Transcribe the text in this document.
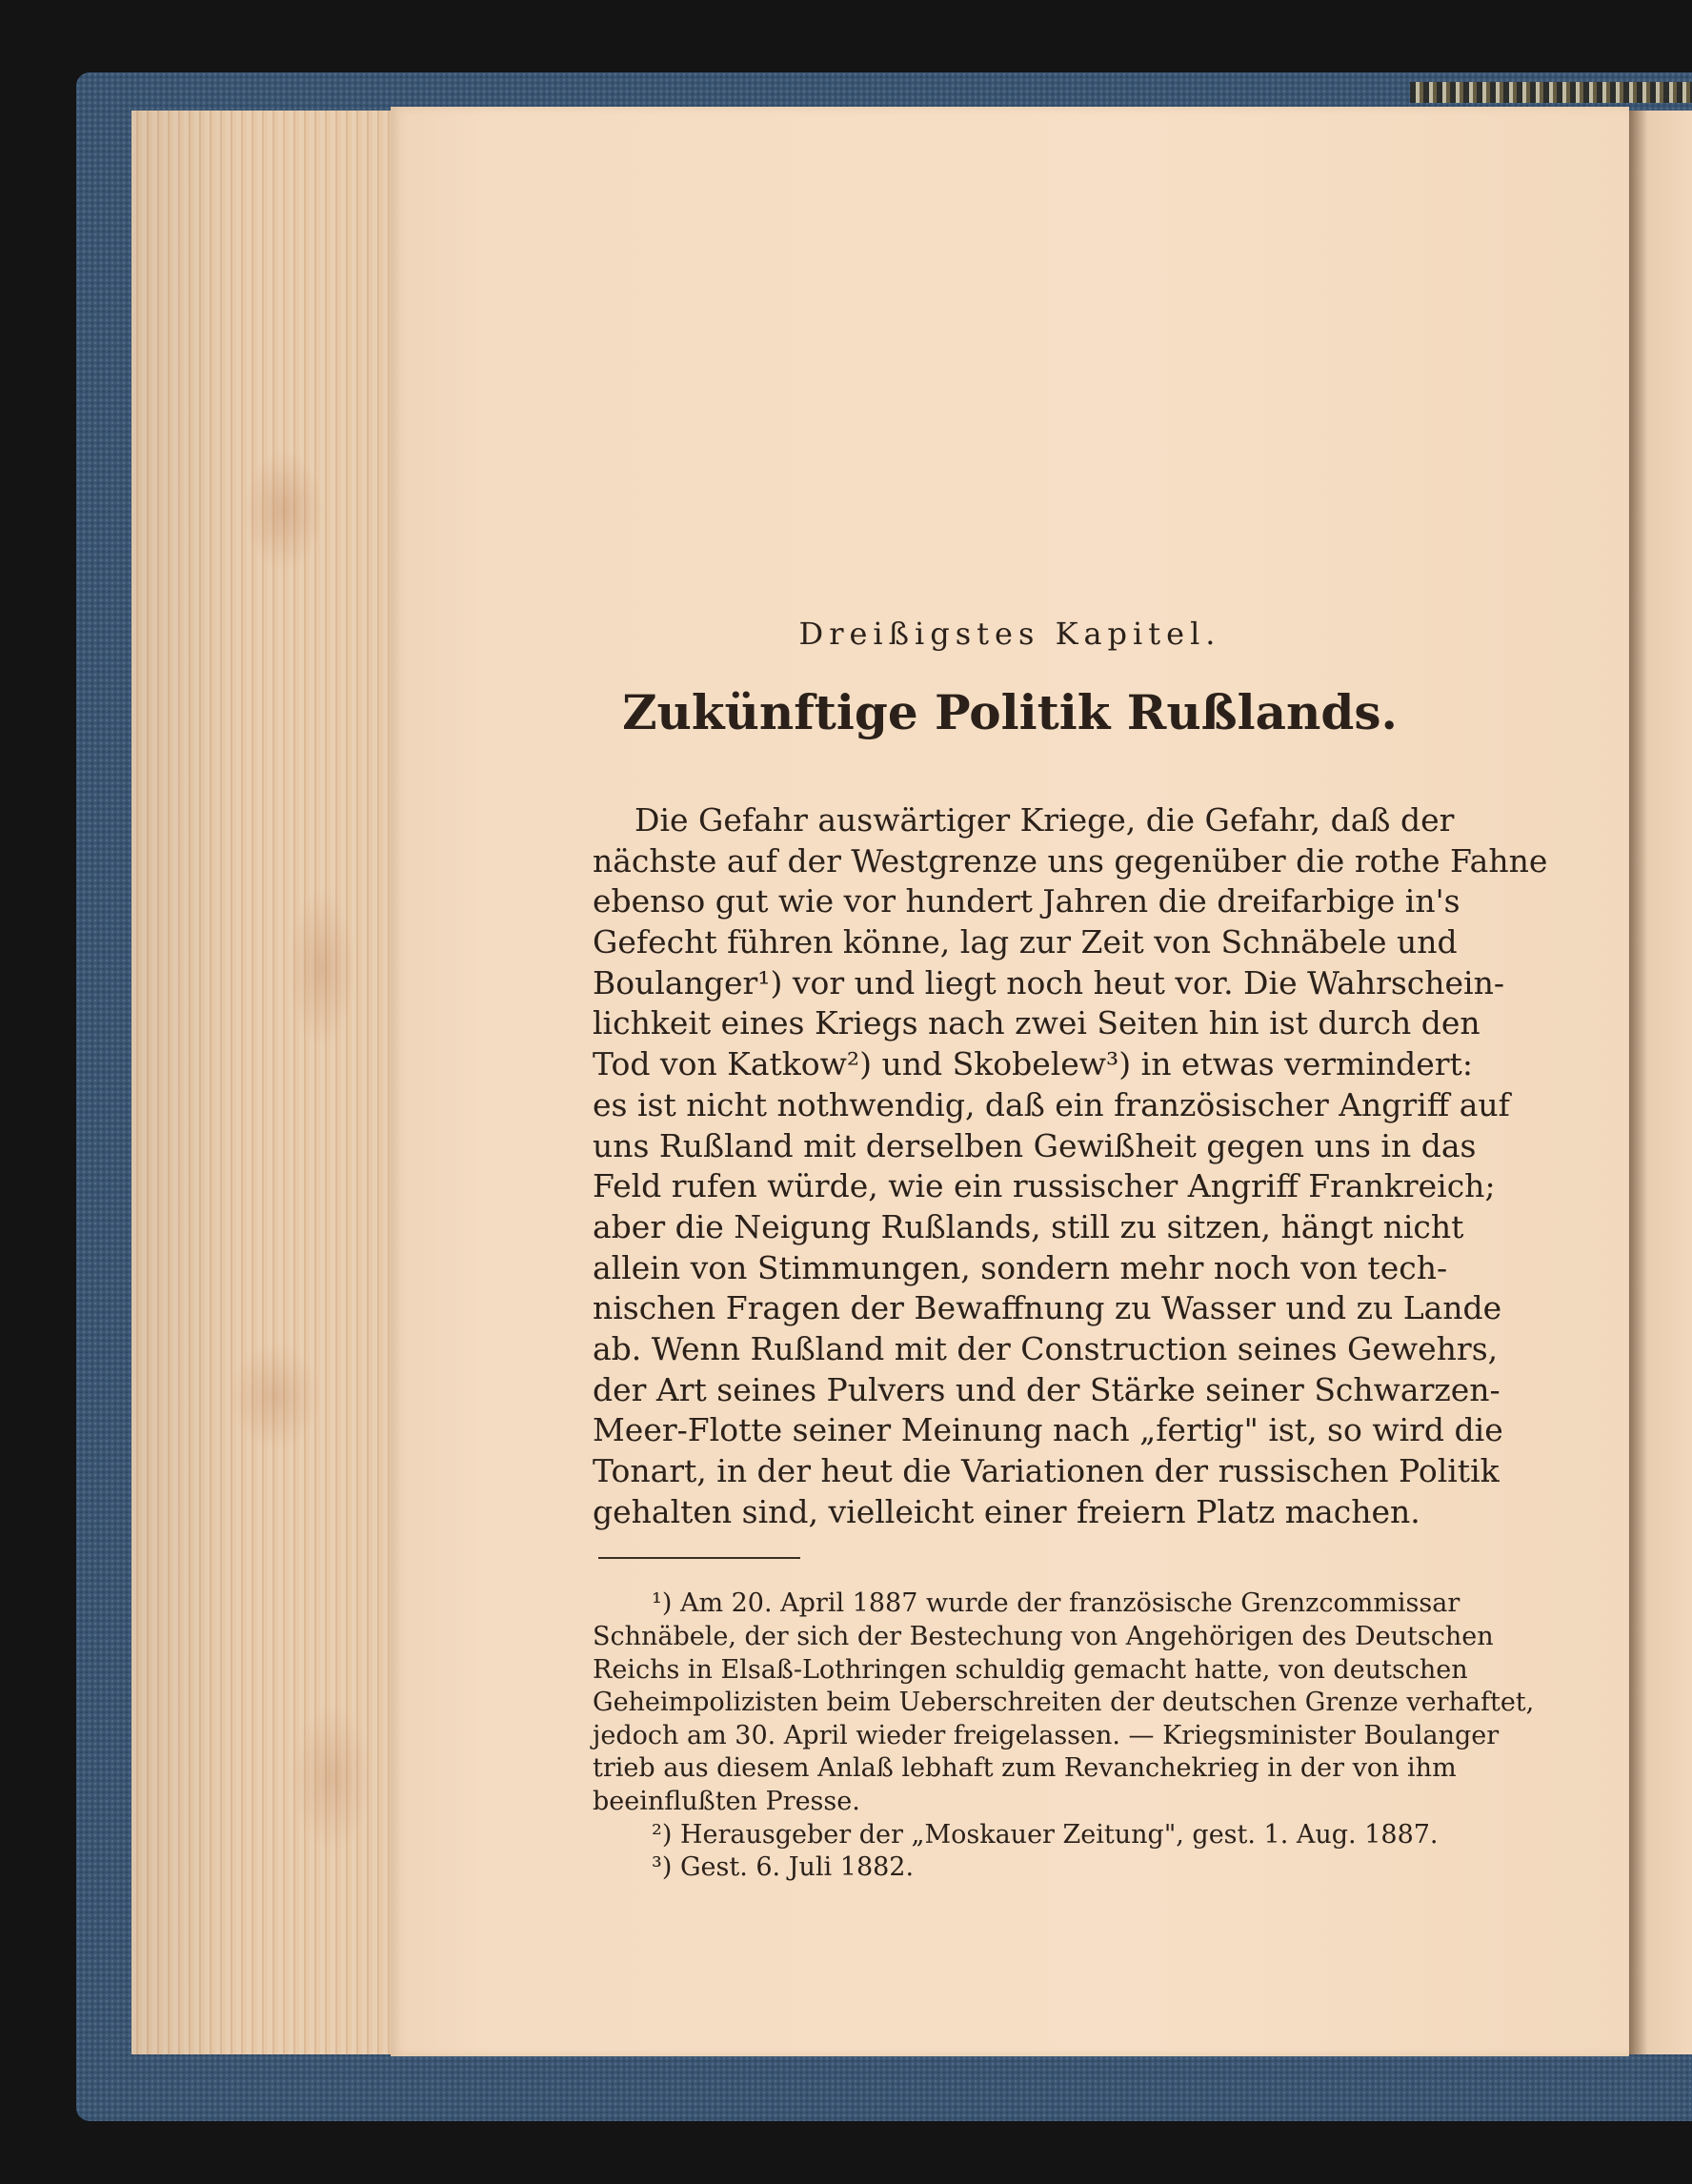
Dreißigstes Kapitel.
Zukünftige Politik Rußlands.
Die Gefahr auswärtiger Kriege, die Gefahr, daß der
nächste auf der Westgrenze uns gegenüber die rothe Fahne
ebenso gut wie vor hundert Jahren die dreifarbige in's
Gefecht führen könne, lag zur Zeit von Schnäbele und
Boulanger¹) vor und liegt noch heut vor. Die Wahrschein-
lichkeit eines Kriegs nach zwei Seiten hin ist durch den
Tod von Katkow²) und Skobelew³) in etwas vermindert:
es ist nicht nothwendig, daß ein französischer Angriff auf
uns Rußland mit derselben Gewißheit gegen uns in das
Feld rufen würde, wie ein russischer Angriff Frankreich;
aber die Neigung Rußlands, still zu sitzen, hängt nicht
allein von Stimmungen, sondern mehr noch von tech-
nischen Fragen der Bewaffnung zu Wasser und zu Lande
ab. Wenn Rußland mit der Construction seines Gewehrs,
der Art seines Pulvers und der Stärke seiner Schwarzen-
Meer-Flotte seiner Meinung nach „fertig" ist, so wird die
Tonart, in der heut die Variationen der russischen Politik
gehalten sind, vielleicht einer freiern Platz machen.
¹) Am 20. April 1887 wurde der französische Grenzcommissar
Schnäbele, der sich der Bestechung von Angehörigen des Deutschen
Reichs in Elsaß-Lothringen schuldig gemacht hatte, von deutschen
Geheimpolizisten beim Ueberschreiten der deutschen Grenze verhaftet,
jedoch am 30. April wieder freigelassen. — Kriegsminister Boulanger
trieb aus diesem Anlaß lebhaft zum Revanchekrieg in der von ihm
beeinflußten Presse.
²) Herausgeber der „Moskauer Zeitung", gest. 1. Aug. 1887.
³) Gest. 6. Juli 1882.
